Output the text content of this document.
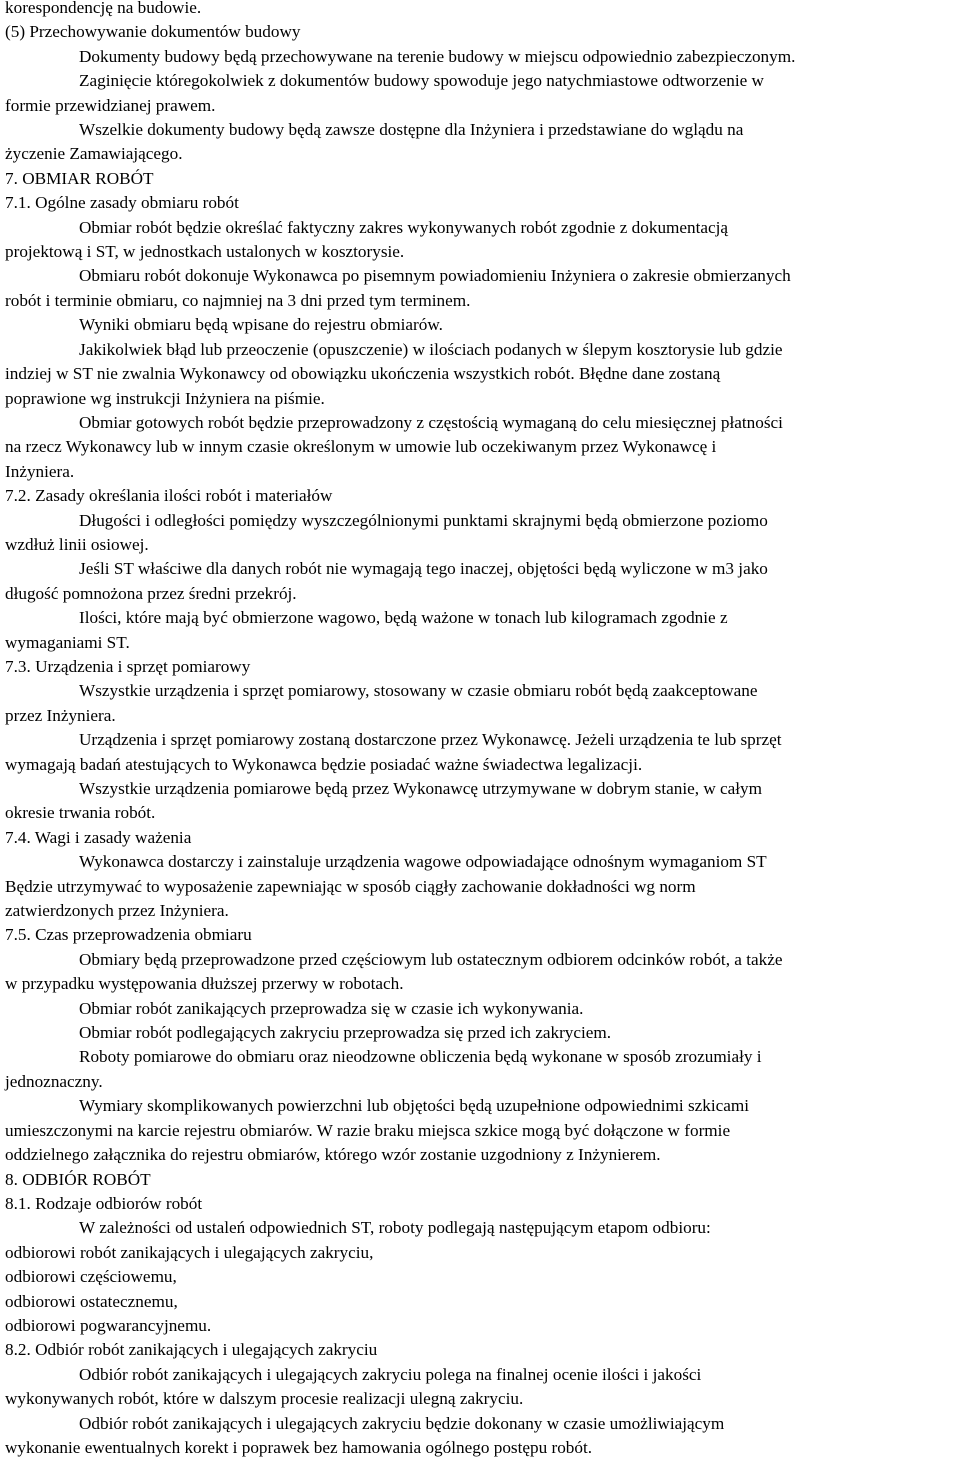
korespondencję na budowie.
(5) Przechowywanie dokumentów budowy
Dokumenty budowy będą przechowywane na terenie budowy w miejscu odpowiednio zabezpieczonym.
Zaginięcie któregokolwiek z dokumentów budowy spowoduje jego natychmiastowe odtworzenie w
formie przewidzianej prawem.
Wszelkie dokumenty budowy będą zawsze dostępne dla Inżyniera i przedstawiane do wglądu na
życzenie Zamawiającego.
7. OBMIAR ROBÓT
7.1. Ogólne zasady obmiaru robót
Obmiar robót będzie określać faktyczny zakres wykonywanych robót zgodnie z dokumentacją
projektową i ST, w jednostkach ustalonych w kosztorysie.
Obmiaru robót dokonuje Wykonawca po pisemnym powiadomieniu Inżyniera o zakresie obmierzanych
robót i terminie obmiaru, co najmniej na 3 dni przed tym terminem.
Wyniki obmiaru będą wpisane do rejestru obmiarów.
Jakikolwiek błąd lub przeoczenie (opuszczenie) w ilościach podanych w ślepym kosztorysie lub gdzie
indziej w ST nie zwalnia Wykonawcy od obowiązku ukończenia wszystkich robót. Błędne dane zostaną
poprawione wg instrukcji Inżyniera na piśmie.
Obmiar gotowych robót będzie przeprowadzony z częstością wymaganą do celu miesięcznej płatności
na rzecz Wykonawcy lub w innym czasie określonym w umowie lub oczekiwanym przez Wykonawcę i
Inżyniera.
7.2. Zasady określania ilości robót i materiałów
Długości i odległości pomiędzy wyszczególnionymi punktami skrajnymi będą obmierzone poziomo
wzdłuż linii osiowej.
Jeśli ST właściwe dla danych robót nie wymagają tego inaczej, objętości będą wyliczone w m3 jako
długość pomnożona przez średni przekrój.
Ilości, które mają być obmierzone wagowo, będą ważone w tonach lub kilogramach zgodnie z
wymaganiami ST.
7.3. Urządzenia i sprzęt pomiarowy
Wszystkie urządzenia i sprzęt pomiarowy, stosowany w czasie obmiaru robót będą zaakceptowane
przez Inżyniera.
Urządzenia i sprzęt pomiarowy zostaną dostarczone przez Wykonawcę. Jeżeli urządzenia te lub sprzęt
wymagają badań atestujących to Wykonawca będzie posiadać ważne świadectwa legalizacji.
Wszystkie urządzenia pomiarowe będą przez Wykonawcę utrzymywane w dobrym stanie, w całym
okresie trwania robót.
7.4. Wagi i zasady ważenia
Wykonawca dostarczy i zainstaluje urządzenia wagowe odpowiadające odnośnym wymaganiom ST
Będzie utrzymywać to wyposażenie zapewniając w sposób ciągły zachowanie dokładności wg norm
zatwierdzonych przez Inżyniera.
7.5. Czas przeprowadzenia obmiaru
Obmiary będą przeprowadzone przed częściowym lub ostatecznym odbiorem odcinków robót, a także
w przypadku występowania dłuższej przerwy w robotach.
Obmiar robót zanikających przeprowadza się w czasie ich wykonywania.
Obmiar robót podlegających zakryciu przeprowadza się przed ich zakryciem.
Roboty pomiarowe do obmiaru oraz nieodzowne obliczenia będą wykonane w sposób zrozumiały i
jednoznaczny.
Wymiary skomplikowanych powierzchni lub objętości będą uzupełnione odpowiednimi szkicami
umieszczonymi na karcie rejestru obmiarów. W razie braku miejsca szkice mogą być dołączone w formie
oddzielnego załącznika do rejestru obmiarów, którego wzór zostanie uzgodniony z Inżynierem.
8. ODBIÓR ROBÓT
8.1. Rodzaje odbiorów robót
W zależności od ustaleń odpowiednich ST, roboty podlegają następującym etapom odbioru:
odbiorowi robót zanikających i ulegających zakryciu,
odbiorowi częściowemu,
odbiorowi ostatecznemu,
odbiorowi pogwarancyjnemu.
8.2. Odbiór robót zanikających i ulegających zakryciu
Odbiór robót zanikających i ulegających zakryciu polega na finalnej ocenie ilości i jakości
wykonywanych robót, które w dalszym procesie realizacji ulegną zakryciu.
Odbiór robót zanikających i ulegających zakryciu będzie dokonany w czasie umożliwiającym
wykonanie ewentualnych korekt i poprawek bez hamowania ogólnego postępu robót.
